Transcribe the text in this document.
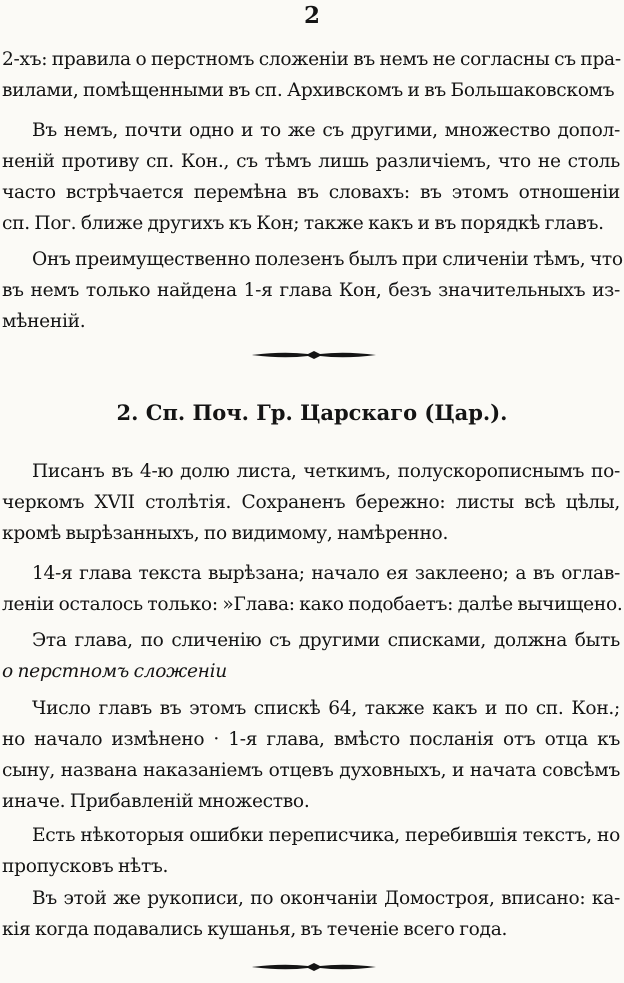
2
2-хъ: правила о перстномъ сложенiи въ немъ не согласны съ пра-
вилами, помѣщенными въ сп. Архивскомъ и въ Большаковскомъ
Въ немъ, почти одно и то же съ другими, множество допол-
ненiй противу сп. Кон., съ тѣмъ лишь различiемъ, что не столь
часто встрѣчается перемѣна въ словахъ: въ этомъ отношенiи
сп. Пог. ближе другихъ къ Кон; также какъ и въ порядкѣ главъ.
Онъ преимущественно полезенъ былъ при сличенiи тѣмъ, что
въ немъ только найдена 1-я глава Кон, безъ значительныхъ из-
мѣненiй.
2. Сп. Поч. Гр. Царскаго (Цар.).
Писанъ въ 4-ю долю листа, четкимъ, полускорописнымъ по-
черкомъ XVII столѣтiя. Сохраненъ бережно: листы всѣ цѣлы,
кромѣ вырѣзанныхъ, по видимому, намѣренно.
14-я глава текста вырѣзана; начало ея заклеено; а въ оглав-
ленiи осталось только: »Глава: како подобаетъ: далѣе вычищено.
Эта глава, по сличенiю съ другими списками, должна быть
о перстномъ сложенiи
Число главъ въ этомъ спискѣ 64, также какъ и по сп. Кон.;
но начало измѣнено · 1-я глава, вмѣсто посланiя отъ отца къ
сыну, названа наказанiемъ отцевъ духовныхъ, и начата совсѣмъ
иначе. Прибавленiй множество.
Есть нѣкоторыя ошибки переписчика, перебившiя текстъ, но
пропусковъ нѣтъ.
Въ этой же рукописи, по окончанiи Домостроя, вписано: ка-
кiя когда подавались кушанья, въ теченiе всего года.
